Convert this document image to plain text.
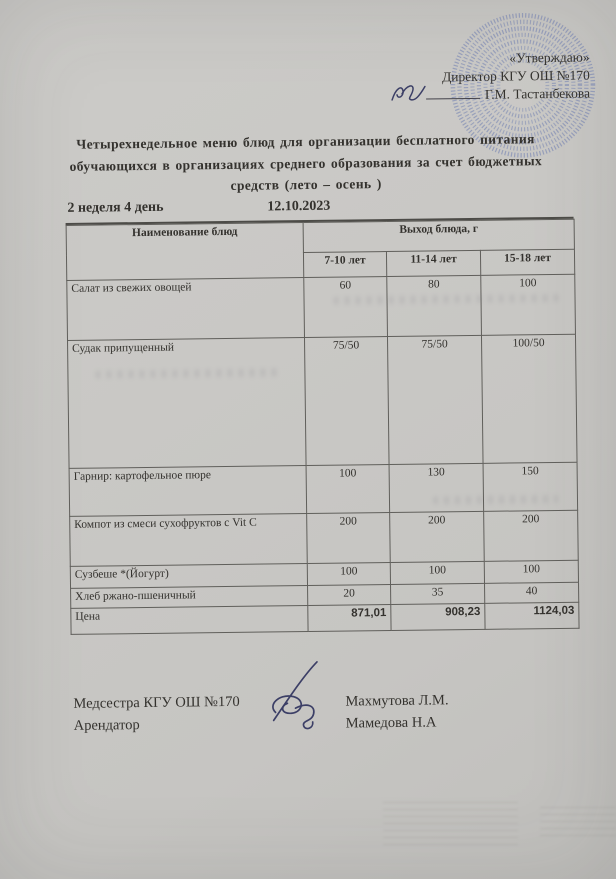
«Утверждаю»
Директор КГУ ОШ №170
Г.М. Тастанбекова
Четырехнедельное меню блюд для организации бесплатного питания
обучающихся в организациях среднего образования за счет бюджетных
средств (лето – осень )
2 неделя 4 день	12.10.2023
Наименование блюд	Выход блюда, г		
	7-10 лет	11-14 лет	15-18 лет
Салат из свежих овощей	60	80	100
Судак припущенный	75/50	75/50	100/50
Гарнир: картофельное пюре	100	130	150
Компот из смеси сухофруктов с Vit C	200	200	200
Сузбеше *(Йогурт)	100	100	100
Хлеб ржано-пшеничный	20	35	40
Цена	871,01	908,23	1124,03
Медсестра КГУ ОШ №170
Арендатор
Махмутова Л.М.
Мамедова Н.А
